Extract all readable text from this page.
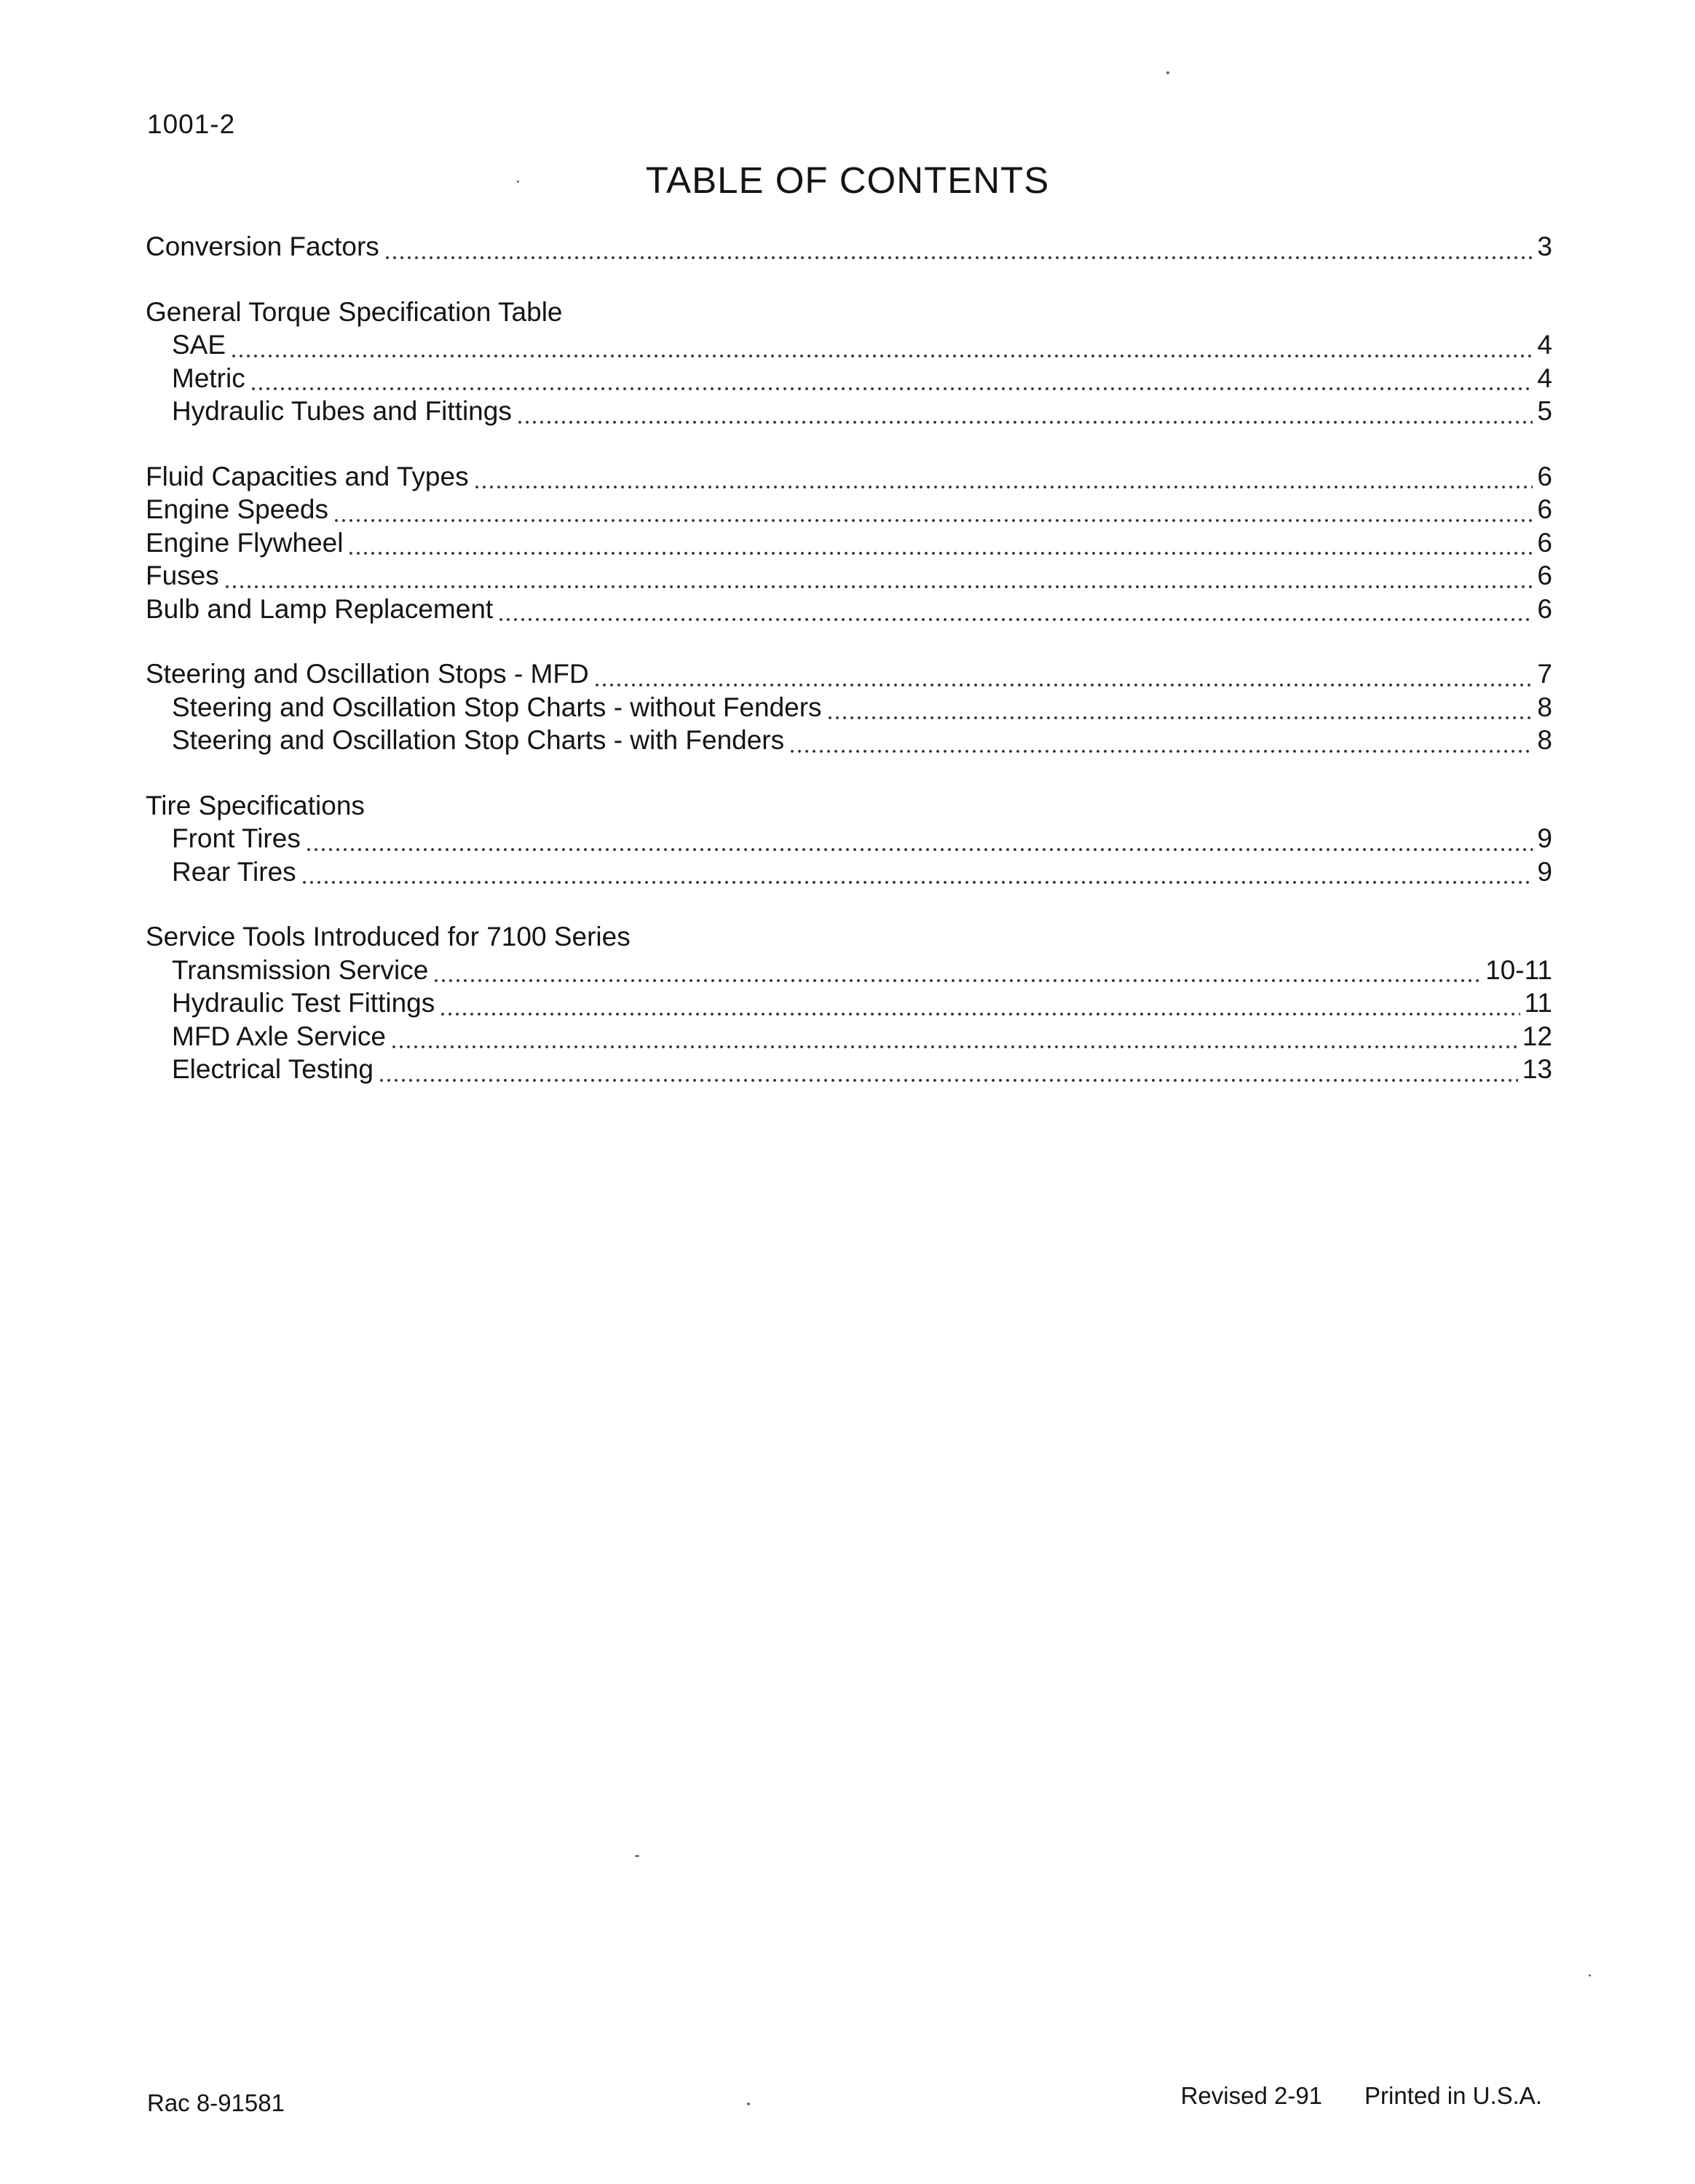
1001-2
TABLE OF CONTENTS
Conversion Factors	3
General Torque Specification Table
SAE	4
Metric	4
Hydraulic Tubes and Fittings	5
Fluid Capacities and Types	6
Engine Speeds	6
Engine Flywheel	6
Fuses	6
Bulb and Lamp Replacement	6
Steering and Oscillation Stops - MFD	7
Steering and Oscillation Stop Charts - without Fenders	8
Steering and Oscillation Stop Charts - with Fenders	8
Tire Specifications
Front Tires	9
Rear Tires	9
Service Tools Introduced for 7100 Series
Transmission Service	10-11
Hydraulic Test Fittings	11
MFD Axle Service	12
Electrical Testing	13
Rac 8-91581	Revised 2-91 Printed in U.S.A.
